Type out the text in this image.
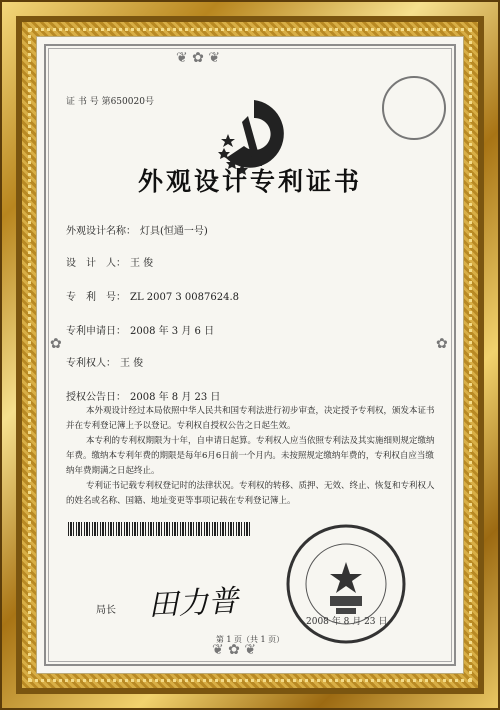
❦ ✿ ❦
❦ ✿ ❦
✿	✿
证 书 号 第650020号
外观设计专利证书
外观设计名称： 灯具(恒通一号)
设　计　人： 王 俊
专　利　号： ZL 2007 3 0087624.8
专利申请日： 2008 年 3 月 6 日
专利权人： 王 俊
授权公告日： 2008 年 8 月 23 日

本外观设计经过本局依照中华人民共和国专利法进行初步审查，决定授予专利权，颁发本证书并在专利登记簿上予以登记。专利权自授权公告之日起生效。

本专利的专利权期限为十年，自申请日起算。专利权人应当依照专利法及其实施细则规定缴纳年费。缴纳本专利年费的期限是每年6月6日前一个月内。未按照规定缴纳年费的，专利权自应当缴纳年费期满之日起终止。

专利证书记载专利权登记时的法律状况。专利权的转移、质押、无效、终止、恢复和专利权人的姓名或名称、国籍、地址变更等事项记载在专利登记簿上。

局长 田力普	2008 年 8 月 23 日
第 1 页（共 1 页）
